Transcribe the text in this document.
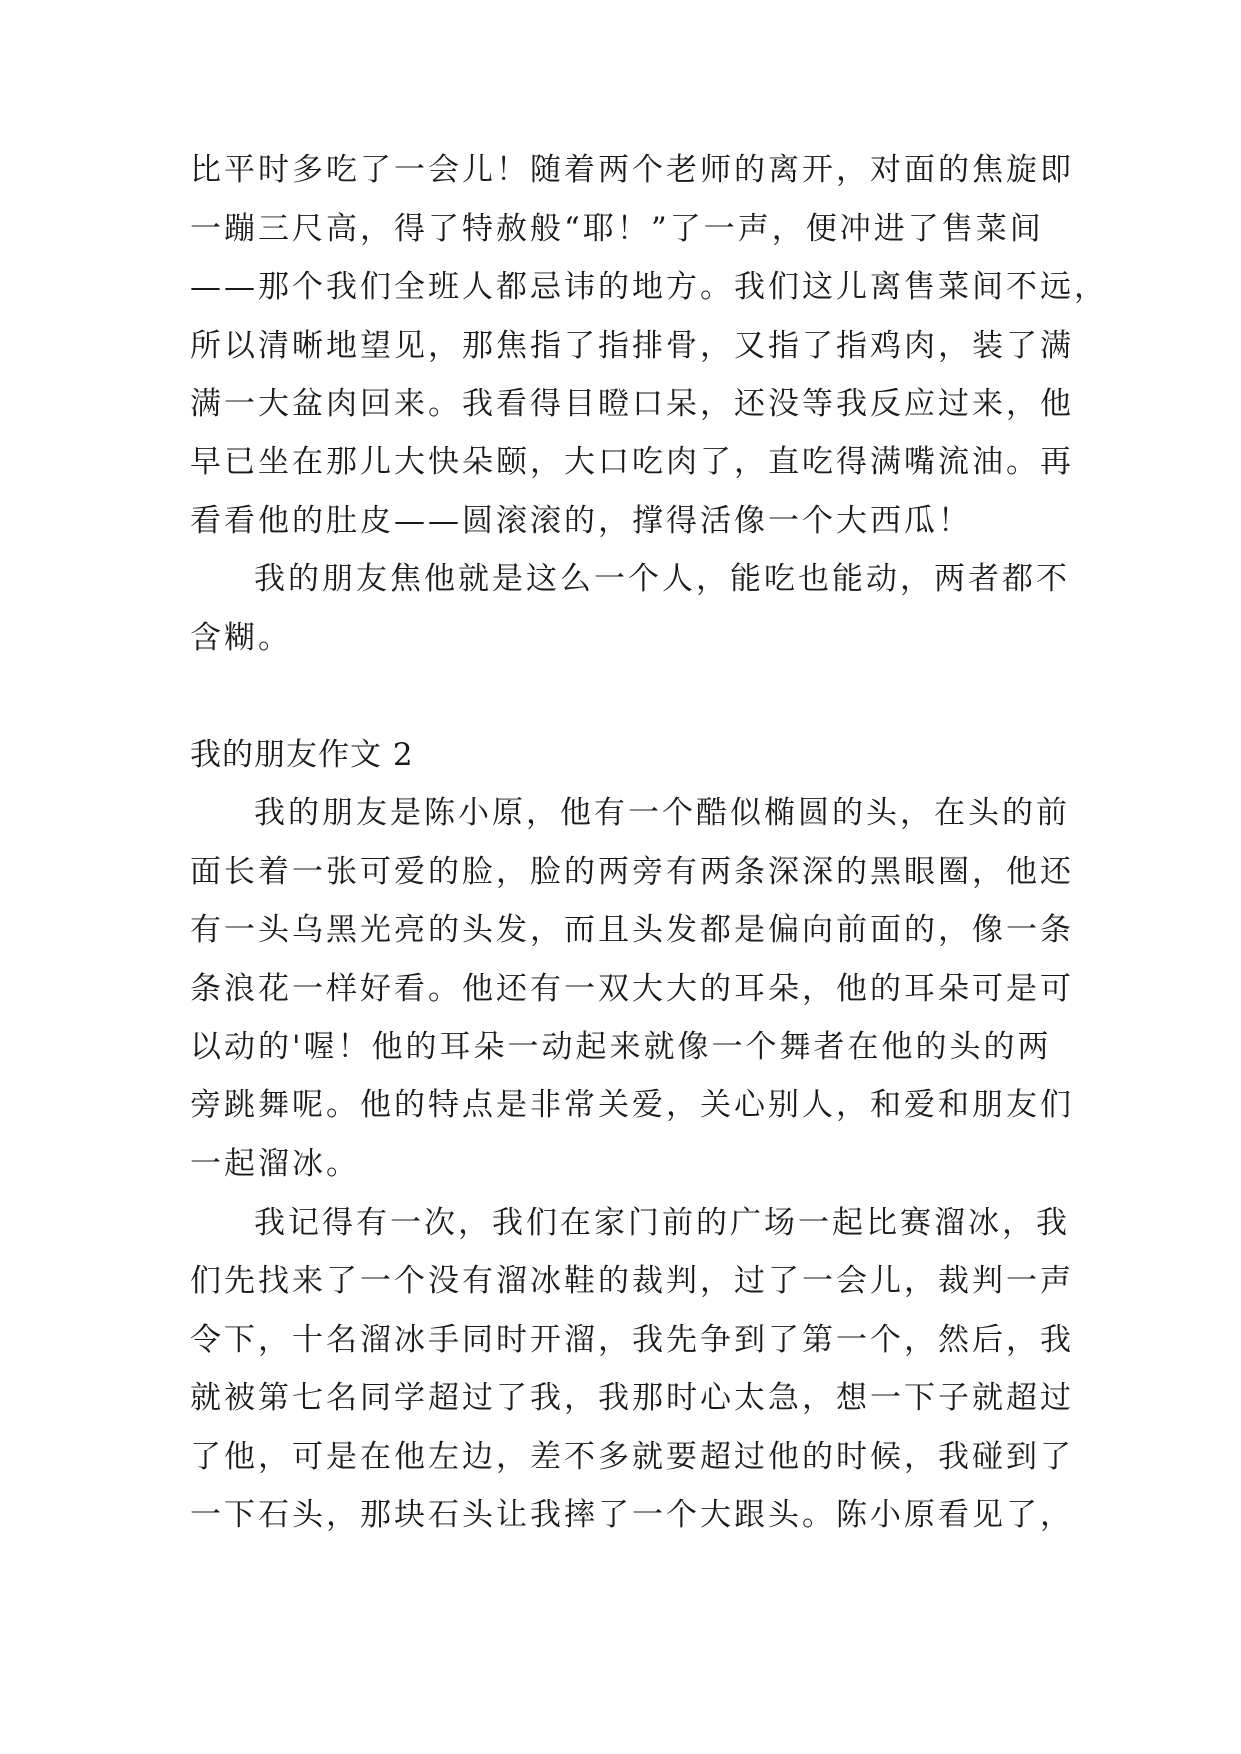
比平时多吃了一会儿！随着两个老师的离开，对面的焦旋即
一蹦三尺高，得了特赦般“耶！”了一声，便冲进了售菜间
——那个我们全班人都忌讳的地方。我们这儿离售菜间不远，
所以清晰地望见，那焦指了指排骨，又指了指鸡肉，装了满
满一大盆肉回来。我看得目瞪口呆，还没等我反应过来，他
早已坐在那儿大快朵颐，大口吃肉了，直吃得满嘴流油。再
看看他的肚皮——圆滚滚的，撑得活像一个大西瓜！
我的朋友焦他就是这么一个人，能吃也能动，两者都不
含糊。
我的朋友作文 2
我的朋友是陈小原，他有一个酷似椭圆的头，在头的前
面长着一张可爱的脸，脸的两旁有两条深深的黑眼圈，他还
有一头乌黑光亮的头发，而且头发都是偏向前面的，像一条
条浪花一样好看。他还有一双大大的耳朵，他的耳朵可是可
以动的'喔！他的耳朵一动起来就像一个舞者在他的头的两
旁跳舞呢。他的特点是非常关爱，关心别人，和爱和朋友们
一起溜冰。
我记得有一次，我们在家门前的广场一起比赛溜冰，我
们先找来了一个没有溜冰鞋的裁判，过了一会儿，裁判一声
令下，十名溜冰手同时开溜，我先争到了第一个，然后，我
就被第七名同学超过了我，我那时心太急，想一下子就超过
了他，可是在他左边，差不多就要超过他的时候，我碰到了
一下石头，那块石头让我摔了一个大跟头。陈小原看见了，
